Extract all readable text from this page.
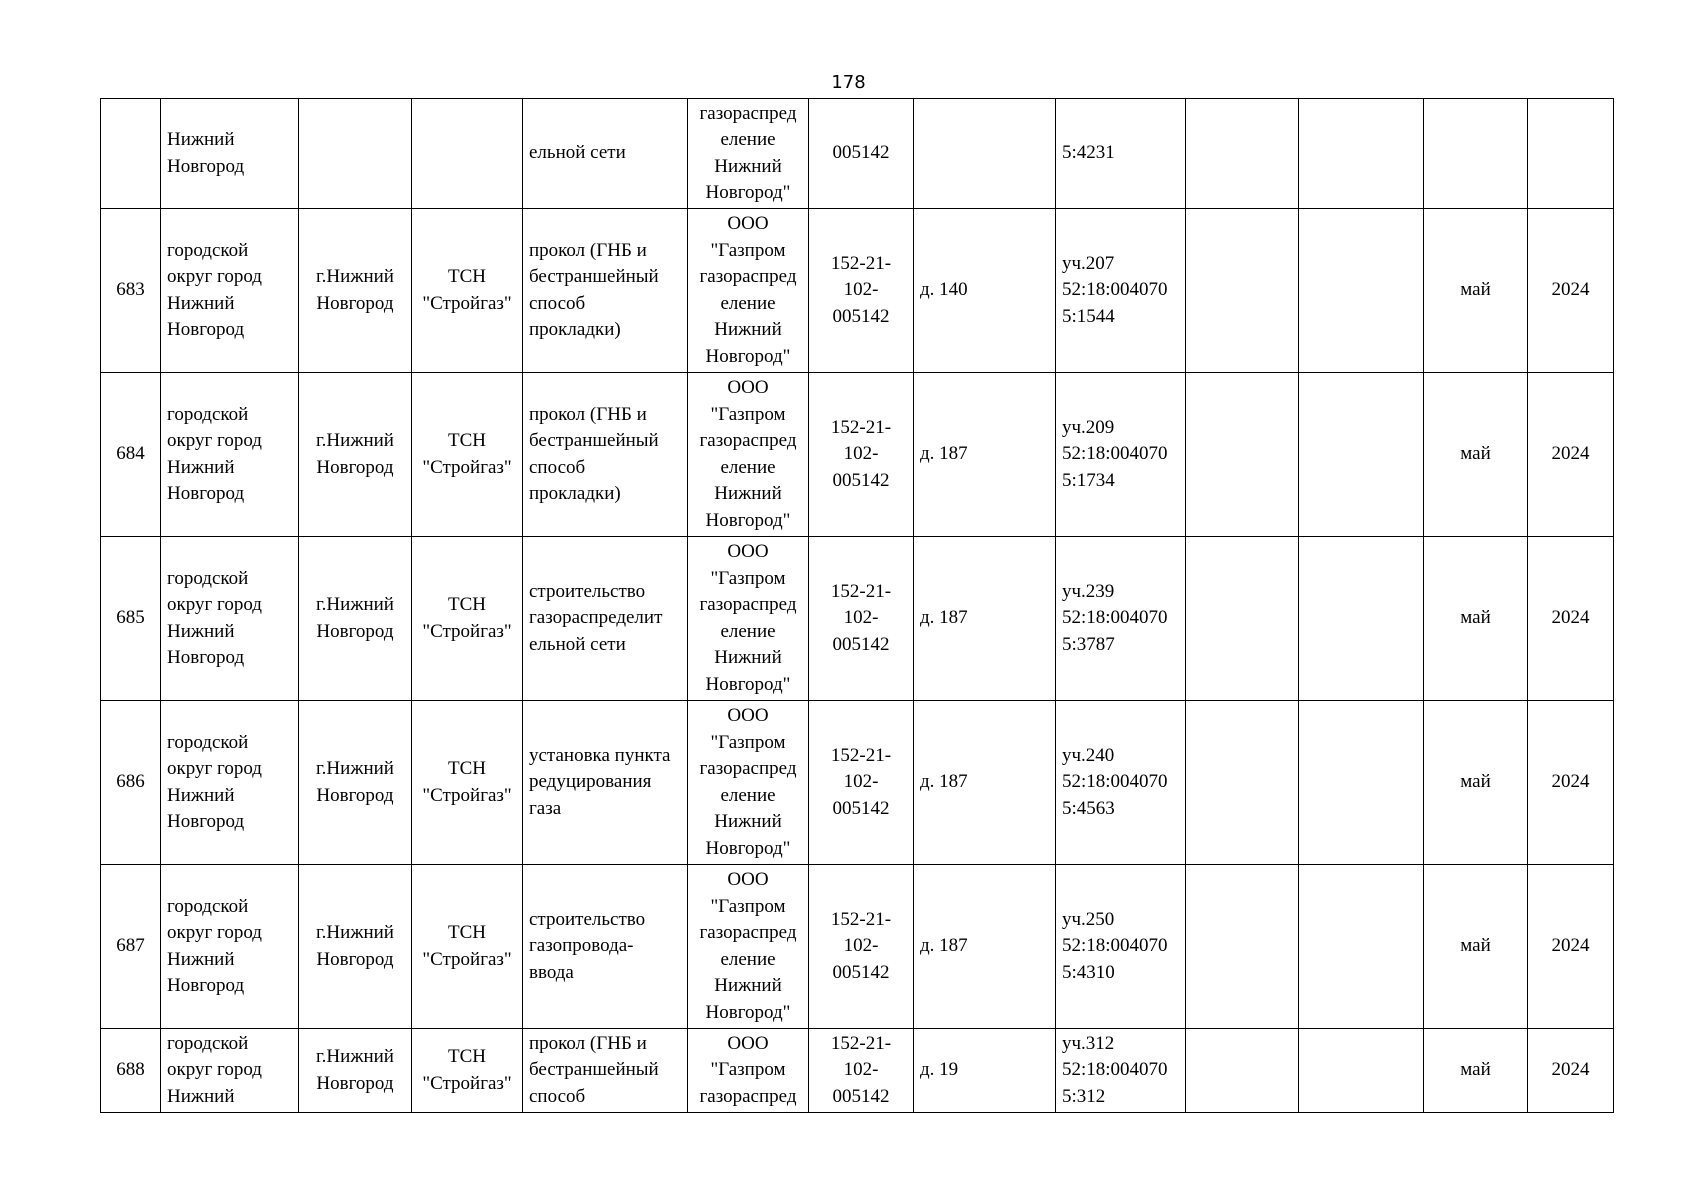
178
	Нижний Новгород			ельной сети	газораспред еление Нижний Новгород"	005142		5:4231				
683	городской округ город Нижний Новгород	г.Нижний Новгород	ТСН "Стройгаз"	прокол (ГНБ и бестраншейный способ прокладки)	ООО "Газпром газораспред еление Нижний Новгород"	152-21- 102- 005142	д. 140	уч.207 52:18:004070 5:1544			май	2024
684	городской округ город Нижний Новгород	г.Нижний Новгород	ТСН "Стройгаз"	прокол (ГНБ и бестраншейный способ прокладки)	ООО "Газпром газораспред еление Нижний Новгород"	152-21- 102- 005142	д. 187	уч.209 52:18:004070 5:1734			май	2024
685	городской округ город Нижний Новгород	г.Нижний Новгород	ТСН "Стройгаз"	строительство газораспределит ельной сети	ООО "Газпром газораспред еление Нижний Новгород"	152-21- 102- 005142	д. 187	уч.239 52:18:004070 5:3787			май	2024
686	городской округ город Нижний Новгород	г.Нижний Новгород	ТСН "Стройгаз"	установка пункта редуцирования газа	ООО "Газпром газораспред еление Нижний Новгород"	152-21- 102- 005142	д. 187	уч.240 52:18:004070 5:4563			май	2024
687	городской округ город Нижний Новгород	г.Нижний Новгород	ТСН "Стройгаз"	строительство газопровода- ввода	ООО "Газпром газораспред еление Нижний Новгород"	152-21- 102- 005142	д. 187	уч.250 52:18:004070 5:4310			май	2024
688	городской округ город Нижний	г.Нижний Новгород	ТСН "Стройгаз"	прокол (ГНБ и бестраншейный способ	ООО "Газпром газораспред	152-21- 102- 005142	д. 19	уч.312 52:18:004070 5:312			май	2024
